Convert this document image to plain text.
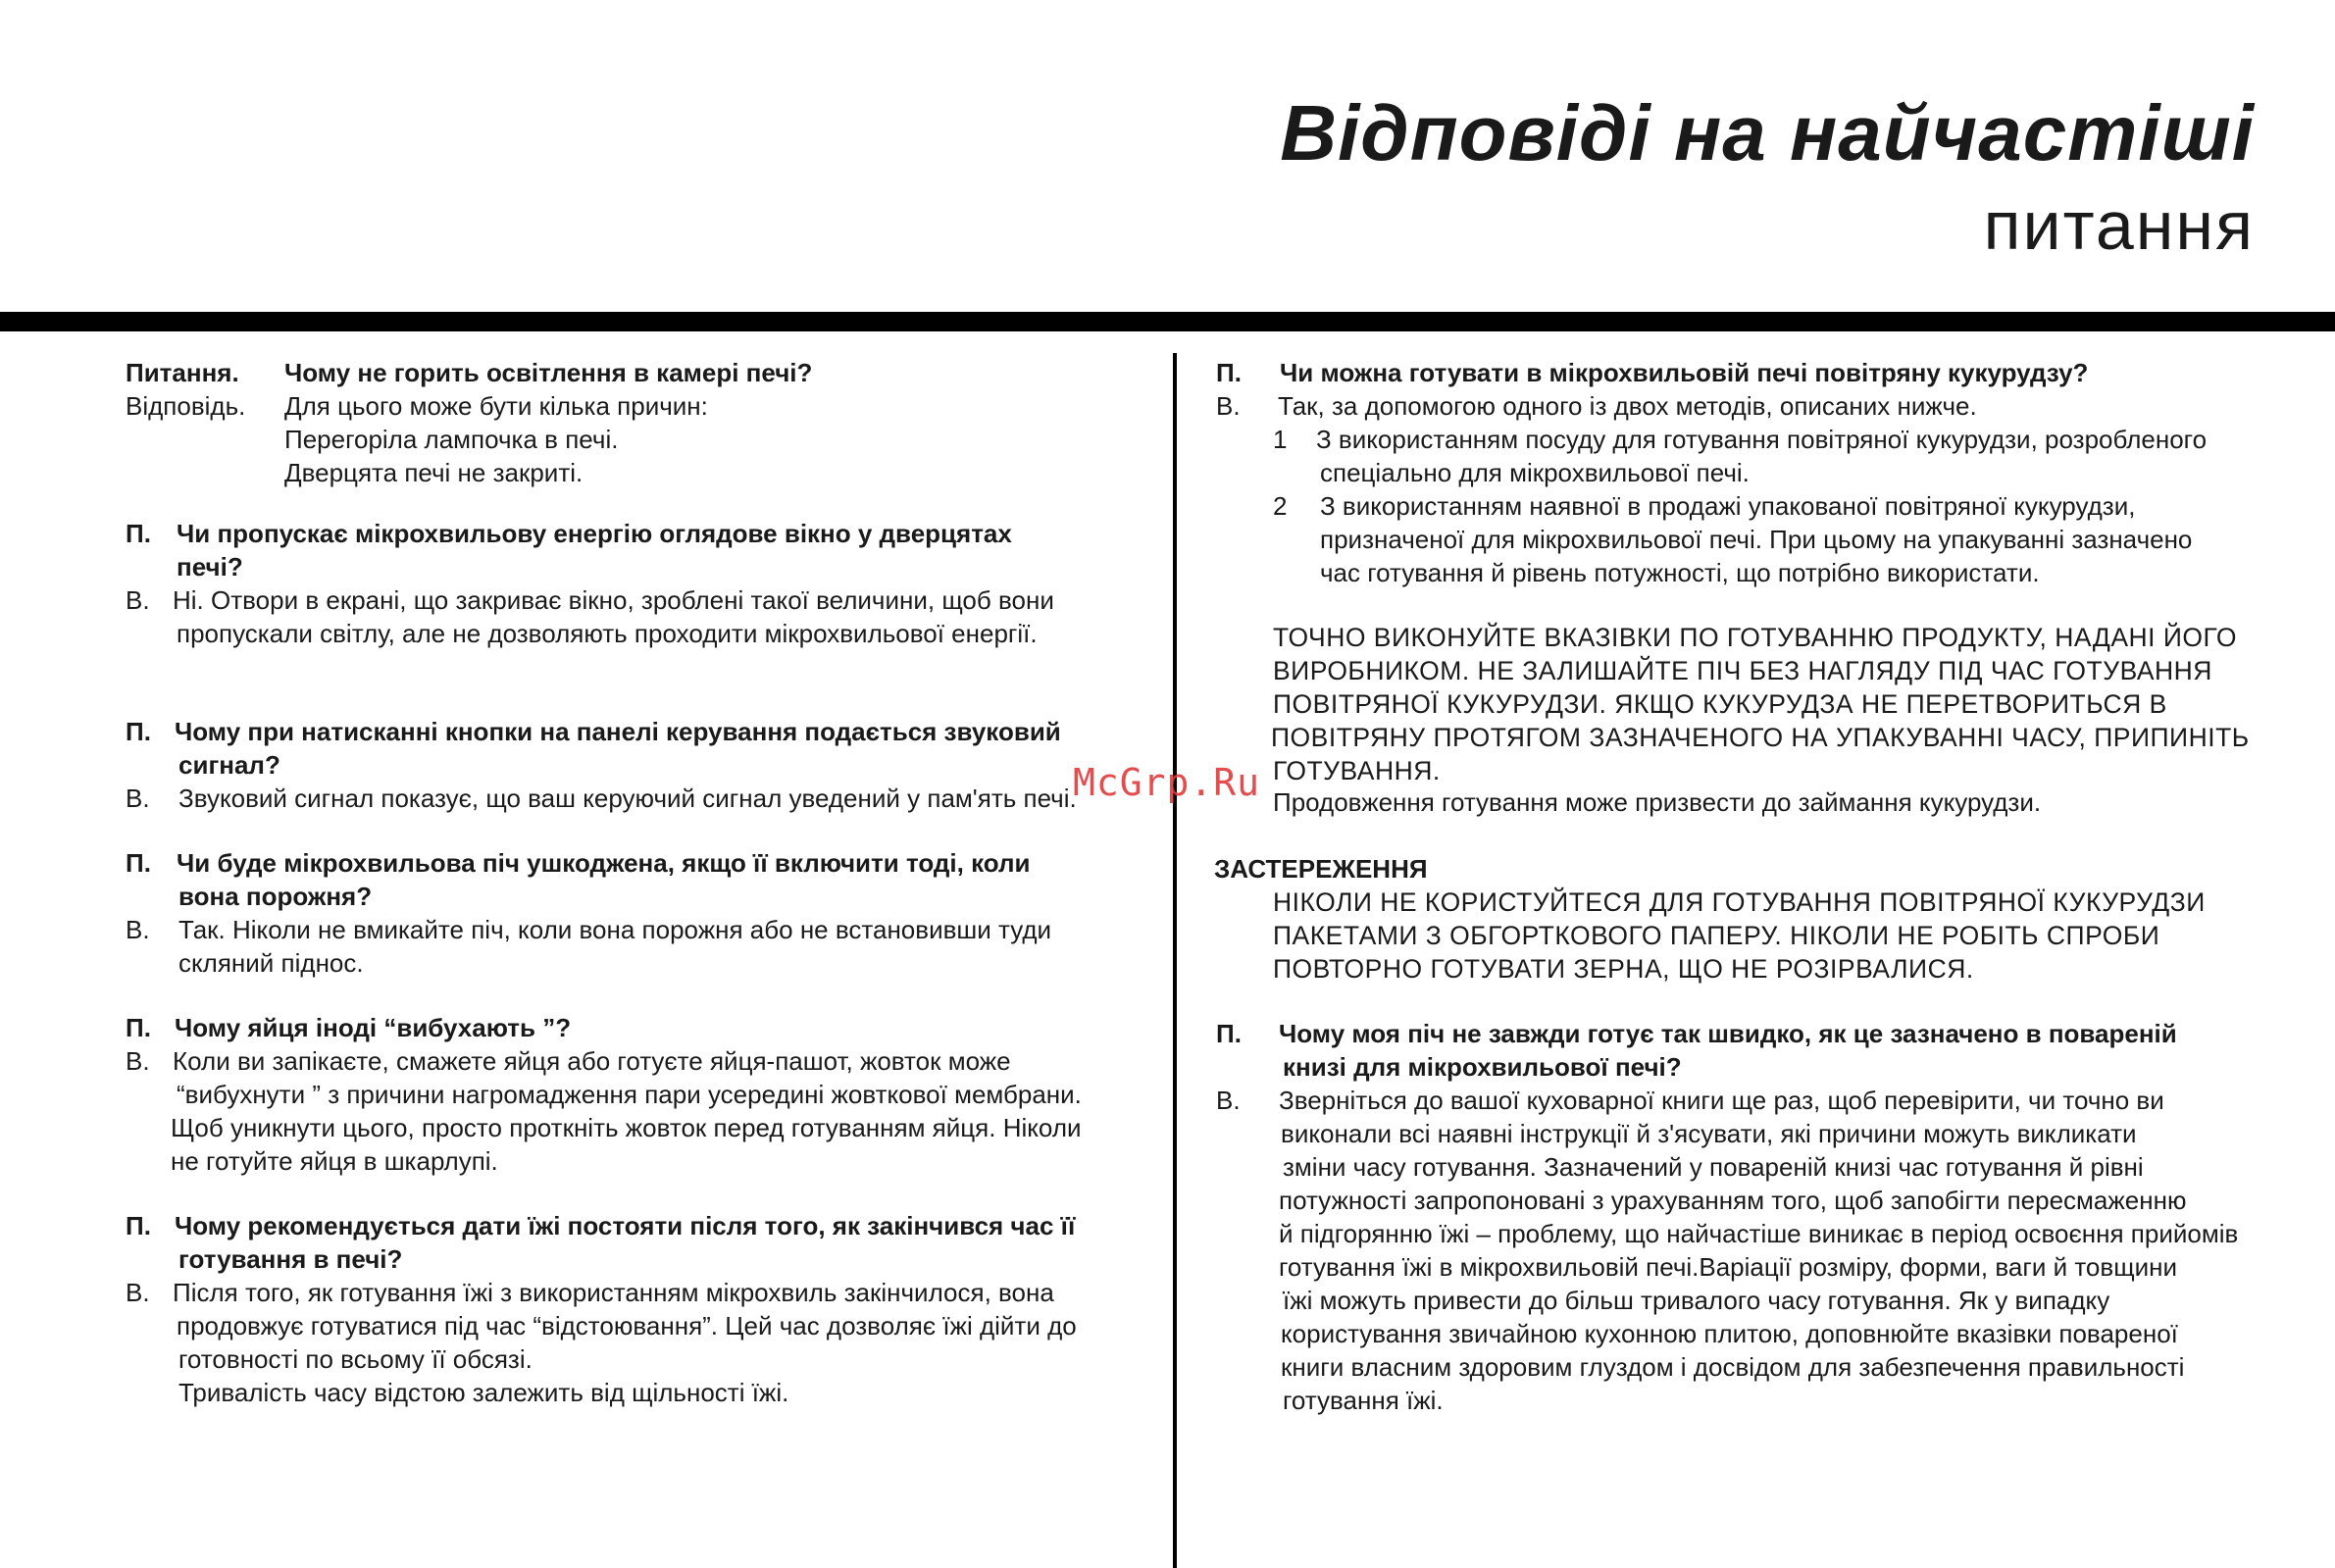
Відповіді на найчастіші
питання
Питання. Чому не горить освітлення в камері печі?
Відповідь. Для цього може бути кілька причин:
Перегоріла лампочка в печі.
Дверцята печі не закриті.
П. Чи пропускає мікрохвильову енергію оглядове вікно у дверцятах
печі?
В. Ні. Отвори в екрані, що закриває вікно, зроблені такої величини, щоб вони
пропускали світлу, але не дозволяють проходити мікрохвильової енергії.
П. Чому при натисканні кнопки на панелі керування подається звуковий
сигнал?
В. Звуковий сигнал показує, що ваш керуючий сигнал уведений у пам'ять печі.
П. Чи буде мікрохвильова піч ушкоджена, якщо її включити тоді, коли
вона порожня?
В. Так. Ніколи не вмикайте піч, коли вона порожня або не встановивши туди
скляний піднос.
П. Чому яйця іноді “вибухають ”?
В. Коли ви запікаєте, смажете яйця або готуєте яйця-пашот, жовток може
“вибухнути ” з причини нагромадження пари усередині жовткової мембрани.
Щоб уникнути цього, просто проткніть жовток перед готуванням яйця. Ніколи
не готуйте яйця в шкарлупі.
П. Чому рекомендується дати їжі постояти після того, як закінчився час її
готування в печі?
В. Після того, як готування їжі з використанням мікрохвиль закінчилося, вона
продовжує готуватися під час “відстоювання”. Цей час дозволяє їжі дійти до
готовності по всьому її обсязі.
Тривалість часу відстою залежить від щільності їжі.
П. Чи можна готувати в мікрохвильовій печі повітряну кукурудзу?
В. Так, за допомогою одного із двох методів, описаних нижче.
1 З використанням посуду для готування повітряної кукурудзи, розробленого
спеціально для мікрохвильової печі.
2 З використанням наявної в продажі упакованої повітряної кукурудзи,
призначеної для мікрохвильової печі. При цьому на упакуванні зазначено
час готування й рівень потужності, що потрібно використати.
ТОЧНО ВИКОНУЙТЕ ВКАЗІВКИ ПО ГОТУВАННЮ ПРОДУКТУ, НАДАНІ ЙОГО
ВИРОБНИКОМ. НЕ ЗАЛИШАЙТЕ ПІЧ БЕЗ НАГЛЯДУ ПІД ЧАС ГОТУВАННЯ
ПОВІТРЯНОЇ КУКУРУДЗИ. ЯКЩО КУКУРУДЗА НЕ ПЕРЕТВОРИТЬСЯ В
ПОВІТРЯНУ ПРОТЯГОМ ЗАЗНАЧЕНОГО НА УПАКУВАННІ ЧАСУ, ПРИПИНІТЬ
ГОТУВАННЯ.
Продовження готування може призвести до займання кукурудзи.
ЗАСТЕРЕЖЕННЯ
НІКОЛИ НЕ КОРИСТУЙТЕСЯ ДЛЯ ГОТУВАННЯ ПОВІТРЯНОЇ КУКУРУДЗИ
ПАКЕТАМИ З ОБГОРТКОВОГО ПАПЕРУ. НІКОЛИ НЕ РОБІТЬ СПРОБИ
ПОВТОРНО ГОТУВАТИ ЗЕРНА, ЩО НЕ РОЗІРВАЛИСЯ.
П. Чому моя піч не завжди готує так швидко, як це зазначено в повареній
книзі для мікрохвильової печі?
В. Зверніться до вашої куховарної книги ще раз, щоб перевірити, чи точно ви
виконали всі наявні інструкції й з'ясувати, які причини можуть викликати
зміни часу готування. Зазначений у повареній книзі час готування й рівні
потужності запропоновані з урахуванням того, щоб запобігти пересмаженню
й підгорянню їжі – проблему, що найчастіше виникає в період освоєння прийомів
готування їжі в мікрохвильовій печі.Варіації розміру, форми, ваги й товщини
їжі можуть привести до більш тривалого часу готування. Як у випадку
користування звичайною кухонною плитою, доповнюйте вказівки повареної
книги власним здоровим глуздом і досвідом для забезпечення правильності
готування їжі.
McGrp.Ru
